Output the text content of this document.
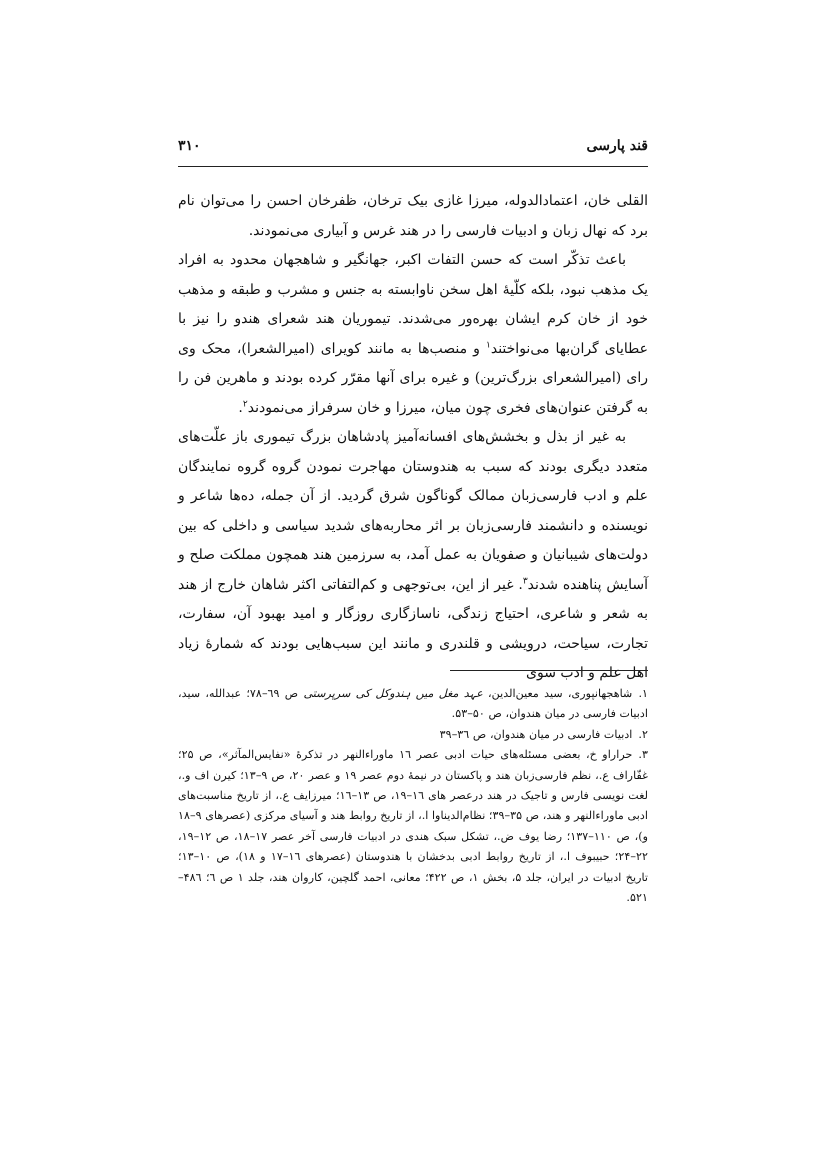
قند پارسی
۳۱۰

القلی خان، اعتمادالدوله، میرزا غازی بیک ترخان، ظفرخان احسن را می‌توان نام برد که نهال زبان و ادبیات فارسی را در هند غرس و آبیاری می‌نمودند.

باعث تذکّر است که حسن التفات اکبر، جهانگیر و شاهجهان محدود به افراد یک مذهب نبود، بلکه کلّیهٔ اهل سخن ناوابسته به جنس و مشرب و طبقه و مذهب خود از خان کرم ایشان بهره‌ور می‌شدند. تیموریان هند شعرای هندو را نیز با عطایای گران‌بها می‌نواختند$^۱$ و منصب‌ها به مانند کویرای (امیرالشعرا)، محک وی رای (امیرالشعرای بزرگ‌ترین) و غیره برای آنها مقرّر کرده بودند و ماهرین فن را به گرفتن عنوان‌های فخری چون میان، میرزا و خان سرفراز می‌نمودند$^۲$.

به غیر از بذل و بخشش‌های افسانه‌آمیز پادشاهان بزرگ تیموری باز علّت‌های متعدد دیگری بودند که سبب به هندوستان مهاجرت نمودن گروه گروه نمایندگان علم و ادب فارسی‌زبان ممالک گوناگون شرق گردید. از آن جمله، ده‌ها شاعر و نویسنده و دانشمند فارسی‌زبان بر اثر محاربه‌های شدید سیاسی و داخلی که بین دولت‌های شیبانیان و صفویان به عمل آمد، به سرزمین هند همچون مملکت صلح و آسایش پناهنده شدند$^۳$. غیر از این، بی‌توجهی و کم‌التفاتی اکثر شاهان خارج از هند به شعر و شاعری، احتیاج زندگی، ناسازگاری روزگار و امید بهبود آن، سفارت، تجارت، سیاحت، درویشی و قلندری و مانند این سبب‌هایی بودند که شمارهٔ زیاد اهل علم و ادب سوی

۱.شاهجهانپوری، سید معین‌الدین، عہد مغل میں ہندوکل کی سرپرستی ص ٦٩–۷۸؛ عبدالله، سید، ادبیات فارسی در میان هندوان، ص ۵۰–۵۳.

۲.ادبیات فارسی در میان هندوان، ص ۳٦–۳۹

۳.حراراو خ، بعضی مسئله‌های حیات ادبی عصر ١٦ ماوراءالنهر در تذکرهٔ «نفایس‌المآثر»، ص ۲۵؛ غفّاراف ع.، نظم فارسی‌زبان هند و پاکستان در نیمهٔ دوم عصر ١۹ و عصر ۲۰، ص ۹–۱۳؛ کیرن اف و.، لغت نویسی فارس و تاجیک در هند درعصر های ١٦–١۹، ص ۱۳–١٦؛ میرزایف ع.، از تاریخ مناسبت‌های ادبی ماوراءالنهر و هند، ص ۳۵–۳۹؛ نظام‌الدیناوا ا.، از تاریخ روابط هند و آسیای مرکزی (عصرهای ۹–۱۸ و)، ص ۱۱۰–۱۳۷؛ رضا یوف ض.، تشکل سبک هندی در ادبیات فارسی آخر عصر ١۷–۱۸، ص ۱۲–١۹، ۲۲–۲۴؛ حبیبوف ا.، از تاریخ روابط ادبی بدخشان با هندوستان (عصرهای ١٦–١۷ و ۱۸)، ص ۱۰–۱۳؛ تاریخ ادبیات در ایران، جلد ۵، بخش ۱، ص ۴۲۲؛ معانی، احمد گلچین، کاروان هند، جلد ۱ ص ٦؛ ۴۸٦–۵۲۱.
